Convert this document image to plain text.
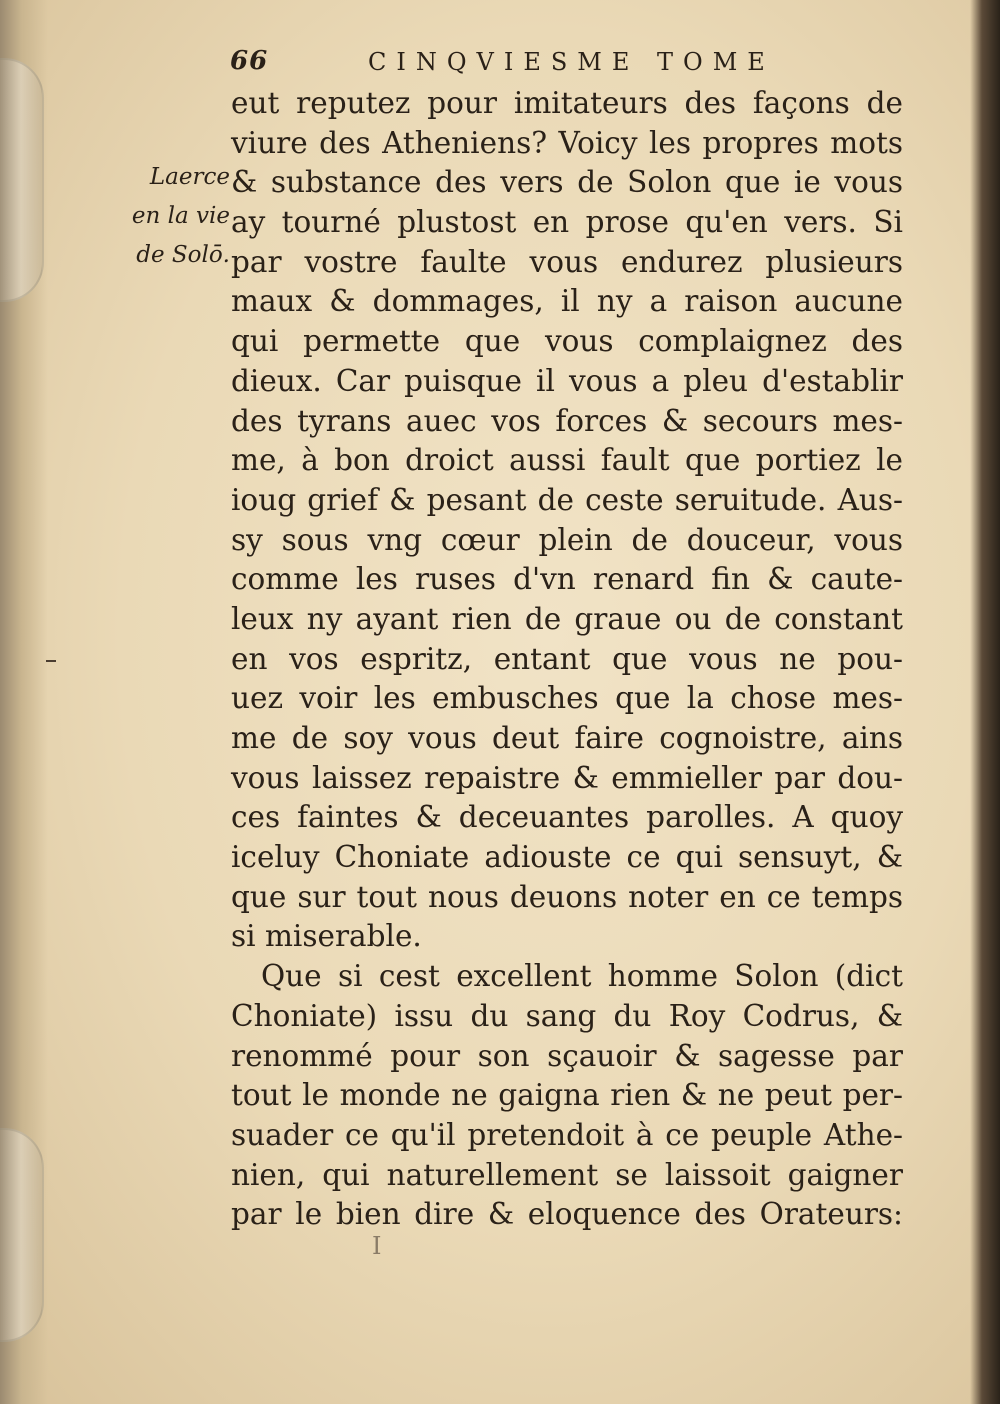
66	CINQVIESME TOME
Laerce
en la vie
de Solō.
eut reputez pour imitateurs des façons de
viure des Atheniens? Voicy les propres mots
& substance des vers de Solon que ie vous
ay tourné plustost en prose qu'en vers. Si
par vostre faulte vous endurez plusieurs
maux & dommages, il ny a raison aucune
qui permette que vous complaignez des
dieux. Car puisque il vous a pleu d'establir
des tyrans auec vos forces & secours mes-
me, à bon droict aussi fault que portiez le
ioug grief & pesant de ceste seruitude. Aus-
sy sous vng cœur plein de douceur, vous
comme les ruses d'vn renard fin & caute-
leux ny ayant rien de graue ou de constant
en vos espritz, entant que vous ne pou-
uez voir les embusches que la chose mes-
me de soy vous deut faire cognoistre, ains
vous laissez repaistre & emmieller par dou-
ces faintes & deceuantes parolles. A quoy
iceluy Choniate adiouste ce qui sensuyt, &
que sur tout nous deuons noter en ce temps
si miserable.
Que si cest excellent homme Solon (dict
Choniate) issu du sang du Roy Codrus, &
renommé pour son sçauoir & sagesse par
tout le monde ne gaigna rien & ne peut per-
suader ce qu'il pretendoit à ce peuple Athe-
nien, qui naturellement se laissoit gaigner
par le bien dire & eloquence des Orateurs:
I
